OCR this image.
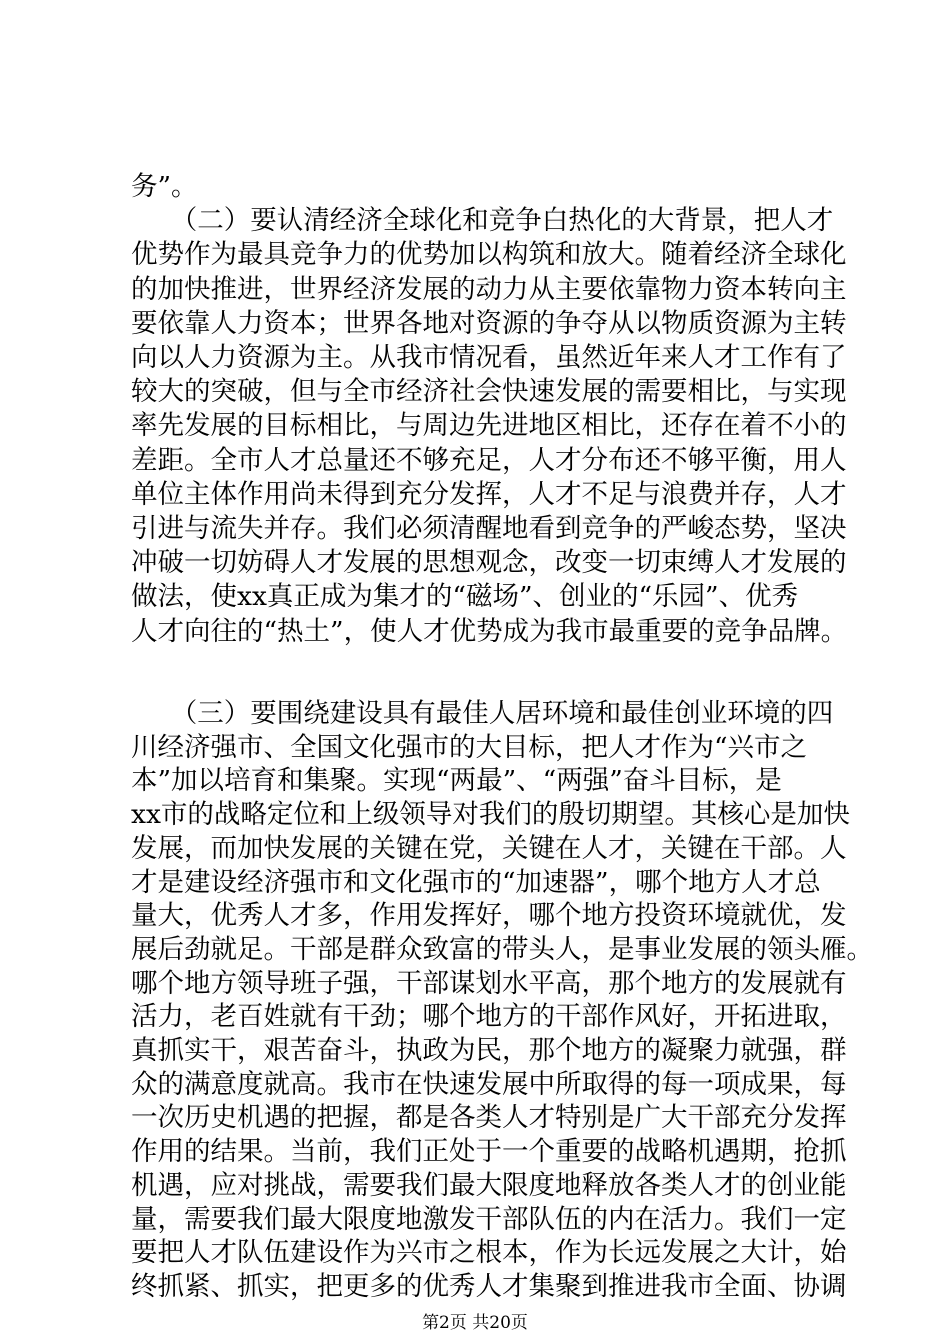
务”。
　　（二）要认清经济全球化和竞争白热化的大背景，把人才
优势作为最具竞争力的优势加以构筑和放大。随着经济全球化
的加快推进，世界经济发展的动力从主要依靠物力资本转向主
要依靠人力资本；世界各地对资源的争夺从以物质资源为主转
向以人力资源为主。从我市情况看，虽然近年来人才工作有了
较大的突破，但与全市经济社会快速发展的需要相比，与实现
率先发展的目标相比，与周边先进地区相比，还存在着不小的
差距。全市人才总量还不够充足，人才分布还不够平衡，用人
单位主体作用尚未得到充分发挥，人才不足与浪费并存，人才
引进与流失并存。我们必须清醒地看到竞争的严峻态势，坚决
冲破一切妨碍人才发展的思想观念，改变一切束缚人才发展的
做法，使xx真正成为集才的“磁场”、创业的“乐园”、优秀
人才向往的“热土”，使人才优势成为我市最重要的竞争品牌。
　　（三）要围绕建设具有最佳人居环境和最佳创业环境的四
川经济强市、全国文化强市的大目标，把人才作为“兴市之
本”加以培育和集聚。实现“两最”、“两强”奋斗目标，是
xx市的战略定位和上级领导对我们的殷切期望。其核心是加快
发展，而加快发展的关键在党，关键在人才，关键在干部。人
才是建设经济强市和文化强市的“加速器”，哪个地方人才总
量大，优秀人才多，作用发挥好，哪个地方投资环境就优，发
展后劲就足。干部是群众致富的带头人，是事业发展的领头雁。
哪个地方领导班子强，干部谋划水平高，那个地方的发展就有
活力，老百姓就有干劲；哪个地方的干部作风好，开拓进取，
真抓实干，艰苦奋斗，执政为民，那个地方的凝聚力就强，群
众的满意度就高。我市在快速发展中所取得的每一项成果，每
一次历史机遇的把握，都是各类人才特别是广大干部充分发挥
作用的结果。当前，我们正处于一个重要的战略机遇期，抢抓
机遇，应对挑战，需要我们最大限度地释放各类人才的创业能
量，需要我们最大限度地激发干部队伍的内在活力。我们一定
要把人才队伍建设作为兴市之根本，作为长远发展之大计，始
终抓紧、抓实，把更多的优秀人才集聚到推进我市全面、协调
第2页 共20页
